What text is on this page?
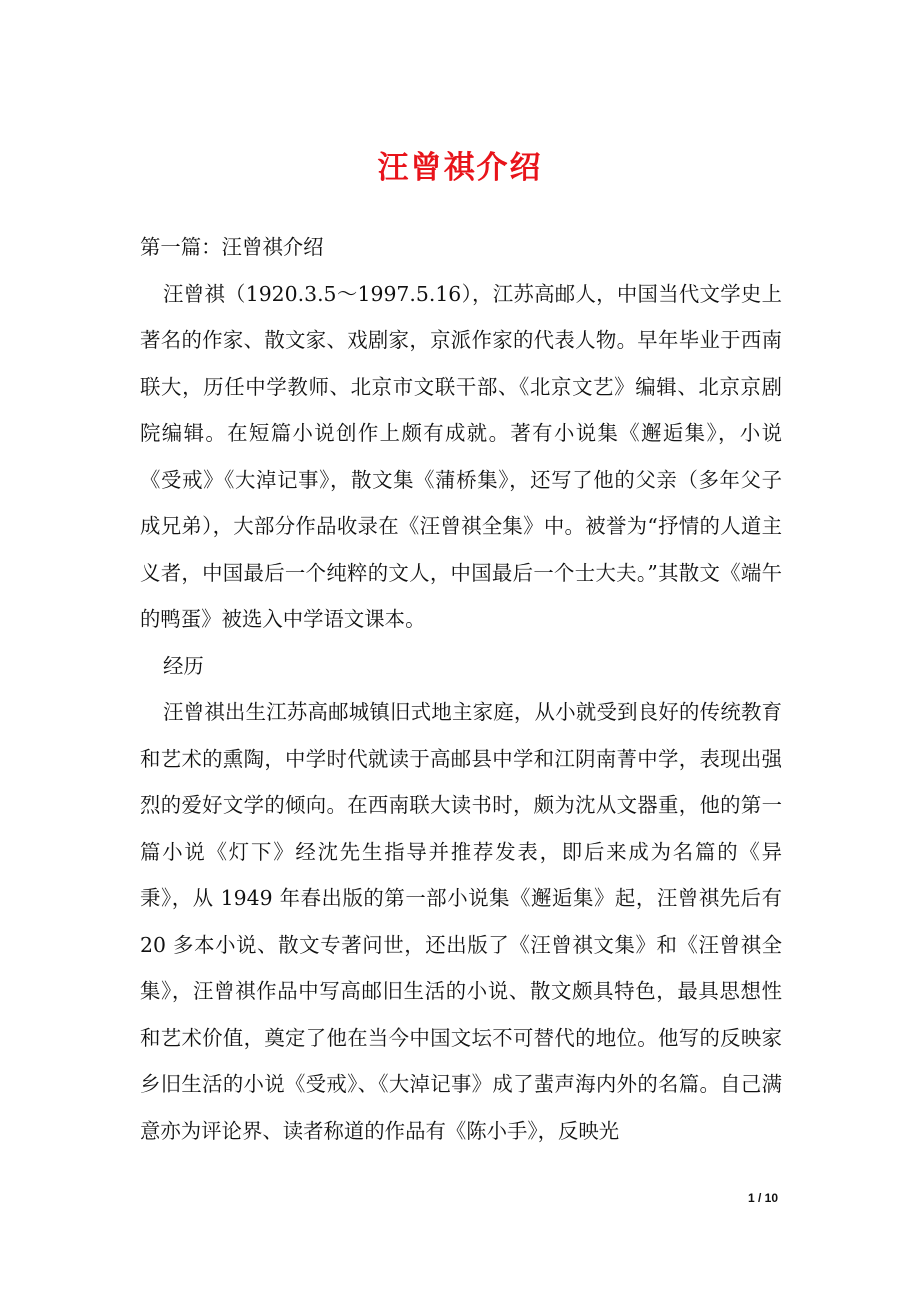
汪曾祺介绍

第一篇：汪曾祺介绍

汪曾祺（1920.3.5～1997.5.16），江苏高邮人，中国当代文学史上著名的作家、散文家、戏剧家，京派作家的代表人物。早年毕业于西南联大，历任中学教师、北京市文联干部、《北京文艺》编辑、北京京剧院编辑。在短篇小说创作上颇有成就。著有小说集《邂逅集》，小说《受戒》《大淖记事》，散文集《蒲桥集》，还写了他的父亲（多年父子成兄弟），大部分作品收录在《汪曾祺全集》中。被誉为“抒情的人道主义者，中国最后一个纯粹的文人，中国最后一个士大夫。”其散文《端午的鸭蛋》被选入中学语文课本。

经历

汪曾祺出生江苏高邮城镇旧式地主家庭，从小就受到良好的传统教育和艺术的熏陶，中学时代就读于高邮县中学和江阴南菁中学，表现出强烈的爱好文学的倾向。在西南联大读书时，颇为沈从文器重，他的第一篇小说《灯下》经沈先生指导并推荐发表，即后来成为名篇的《异秉》，从 1949 年春出版的第一部小说集《邂逅集》起，汪曾祺先后有 20 多本小说、散文专著问世，还出版了《汪曾祺文集》和《汪曾祺全集》，汪曾祺作品中写高邮旧生活的小说、散文颇具特色，最具思想性和艺术价值，奠定了他在当今中国文坛不可替代的地位。他写的反映家乡旧生活的小说《受戒》、《大淖记事》成了蜚声海内外的名篇。自己满意亦为评论界、读者称道的作品有《陈小手》，反映光

1 / 10
